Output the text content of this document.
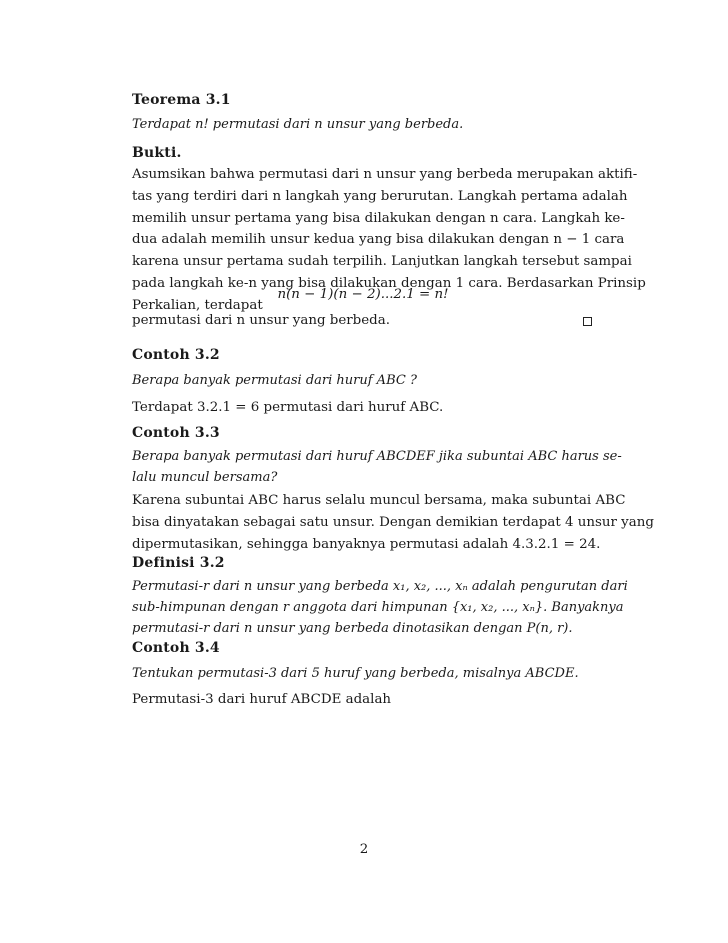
Teorema 3.1
Terdapat n! permutasi dari n unsur yang berbeda.
Bukti.
Asumsikan bahwa permutasi dari n unsur yang berbeda merupakan aktifi-
tas yang terdiri dari n langkah yang berurutan. Langkah pertama adalah
memilih unsur pertama yang bisa dilakukan dengan n cara. Langkah ke-
dua adalah memilih unsur kedua yang bisa dilakukan dengan n − 1 cara
karena unsur pertama sudah terpilih. Lanjutkan langkah tersebut sampai
pada langkah ke-n yang bisa dilakukan dengan 1 cara. Berdasarkan Prinsip
Perkalian, terdapat
n(n − 1)(n − 2)...2.1 = n!
permutasi dari n unsur yang berbeda.
Contoh 3.2
Berapa banyak permutasi dari huruf ABC ?
Terdapat 3.2.1 = 6 permutasi dari huruf ABC.
Contoh 3.3
Berapa banyak permutasi dari huruf ABCDEF jika subuntai ABC harus se-
lalu muncul bersama?
Karena subuntai ABC harus selalu muncul bersama, maka subuntai ABC
bisa dinyatakan sebagai satu unsur. Dengan demikian terdapat 4 unsur yang
dipermutasikan, sehingga banyaknya permutasi adalah 4.3.2.1 = 24.
Definisi 3.2
Permutasi-r dari n unsur yang berbeda x₁, x₂, ..., xₙ adalah pengurutan dari
sub-himpunan dengan r anggota dari himpunan {x₁, x₂, ..., xₙ}. Banyaknya
permutasi-r dari n unsur yang berbeda dinotasikan dengan P(n, r).
Contoh 3.4
Tentukan permutasi-3 dari 5 huruf yang berbeda, misalnya ABCDE.
Permutasi-3 dari huruf ABCDE adalah
2
